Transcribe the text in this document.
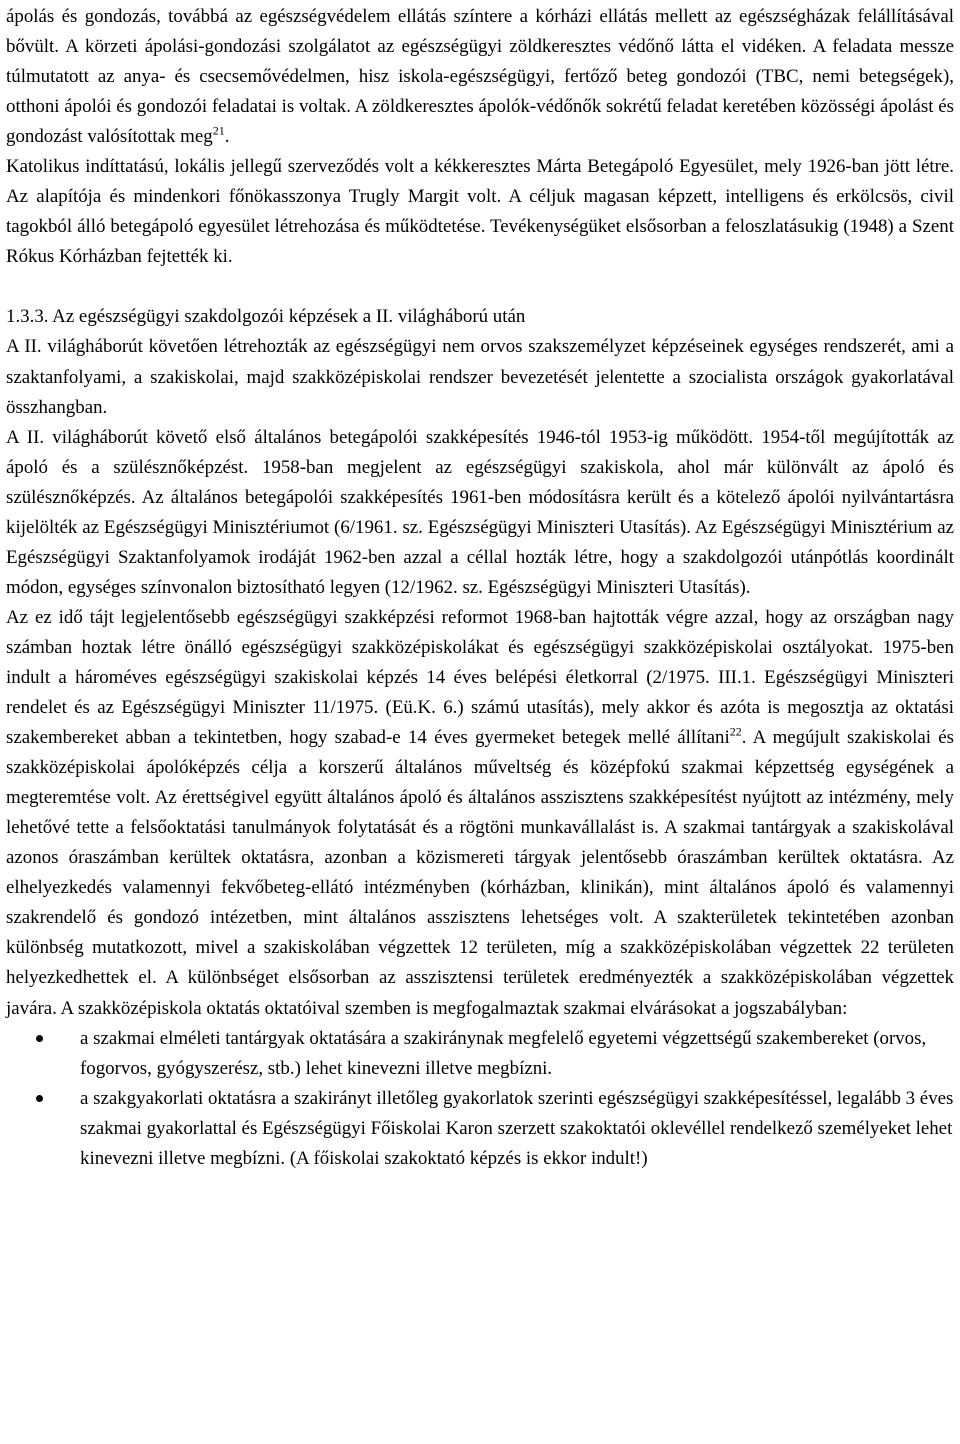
ápolás és gondozás, továbbá az egészségvédelem ellátás színtere a kórházi ellátás mellett az egészségházak felállításával bővült. A körzeti ápolási-gondozási szolgálatot az egészségügyi zöldkeresztes védőnő látta el vidéken. A feladata messze túlmutatott az anya- és csecsemővédelmen, hisz iskola-egészségügyi, fertőző beteg gondozói (TBC, nemi betegségek), otthoni ápolói és gondozói feladatai is voltak. A zöldkeresztes ápolók-védőnők sokrétű feladat keretében közösségi ápolást és gondozást valósítottak meg$^{21}$.

Katolikus indíttatású, lokális jellegű szerveződés volt a kékkeresztes Márta Betegápoló Egyesület, mely 1926-ban jött létre. Az alapítója és mindenkori főnökasszonya Trugly Margit volt. A céljuk magasan képzett, intelligens és erkölcsös, civil tagokból álló betegápoló egyesület létrehozása és működtetése. Tevékenységüket elsősorban a feloszlatásukig (1948) a Szent Rókus Kórházban fejtették ki.

1.3.3. Az egészségügyi szakdolgozói képzések a II. világháború után

A II. világháborút követően létrehozták az egészségügyi nem orvos szakszemélyzet képzéseinek egységes rendszerét, ami a szaktanfolyami, a szakiskolai, majd szakközépiskolai rendszer bevezetését jelentette a szocialista országok gyakorlatával összhangban.

A II. világháborút követő első általános betegápolói szakképesítés 1946-tól 1953-ig működött. 1954-től megújították az ápoló és a szülésznőképzést. 1958-ban megjelent az egészségügyi szakiskola, ahol már különvált az ápoló és szülésznőképzés. Az általános betegápolói szakképesítés 1961-ben módosításra került és a kötelező ápolói nyilvántartásra kijelölték az Egészségügyi Minisztériumot (6/1961. sz. Egészségügyi Miniszteri Utasítás). Az Egészségügyi Minisztérium az Egészségügyi Szaktanfolyamok irodáját 1962-ben azzal a céllal hozták létre, hogy a szakdolgozói utánpótlás koordinált módon, egységes színvonalon biztosítható legyen (12/1962. sz. Egészségügyi Miniszteri Utasítás).

Az ez idő tájt legjelentősebb egészségügyi szakképzési reformot 1968-ban hajtották végre azzal, hogy az országban nagy számban hoztak létre önálló egészségügyi szakközépiskolákat és egészségügyi szakközépiskolai osztályokat. 1975-ben indult a hároméves egészségügyi szakiskolai képzés 14 éves belépési életkorral (2/1975. III.1. Egészségügyi Miniszteri rendelet és az Egészségügyi Miniszter 11/1975. (Eü.K. 6.) számú utasítás), mely akkor és azóta is megosztja az oktatási szakembereket abban a tekintetben, hogy szabad-e 14 éves gyermeket betegek mellé állítani$^{22}$. A megújult szakiskolai és szakközépiskolai ápolóképzés célja a korszerű általános műveltség és középfokú szakmai képzettség egységének a megteremtése volt. Az érettségivel együtt általános ápoló és általános asszisztens szakképesítést nyújtott az intézmény, mely lehetővé tette a felsőoktatási tanulmányok folytatását és a rögtöni munkavállalást is. A szakmai tantárgyak a szakiskolával azonos óraszámban kerültek oktatásra, azonban a közismereti tárgyak jelentősebb óraszámban kerültek oktatásra. Az elhelyezkedés valamennyi fekvőbeteg-ellátó intézményben (kórházban, klinikán), mint általános ápoló és valamennyi szakrendelő és gondozó intézetben, mint általános asszisztens lehetséges volt. A szakterületek tekintetében azonban különbség mutatkozott, mivel a szakiskolában végzettek 12 területen, míg a szakközépiskolában végzettek 22 területen helyezkedhettek el. A különbséget elsősorban az asszisztensi területek eredményezték a szakközépiskolában végzettek javára. A szakközépiskola oktatás oktatóival szemben is megfogalmaztak szakmai elvárásokat a jogszabályban:

a szakmai elméleti tantárgyak oktatására a szakiránynak megfelelő egyetemi végzettségű szakembereket (orvos, fogorvos, gyógyszerész, stb.) lehet kinevezni illetve megbízni.
a szakgyakorlati oktatásra a szakirányt illetőleg gyakorlatok szerinti egészségügyi szakképesítéssel, legalább 3 éves szakmai gyakorlattal és Egészségügyi Főiskolai Karon szerzett szakoktatói oklevéllel rendelkező személyeket lehet kinevezni illetve megbízni. (A főiskolai szakoktató képzés is ekkor indult!)
